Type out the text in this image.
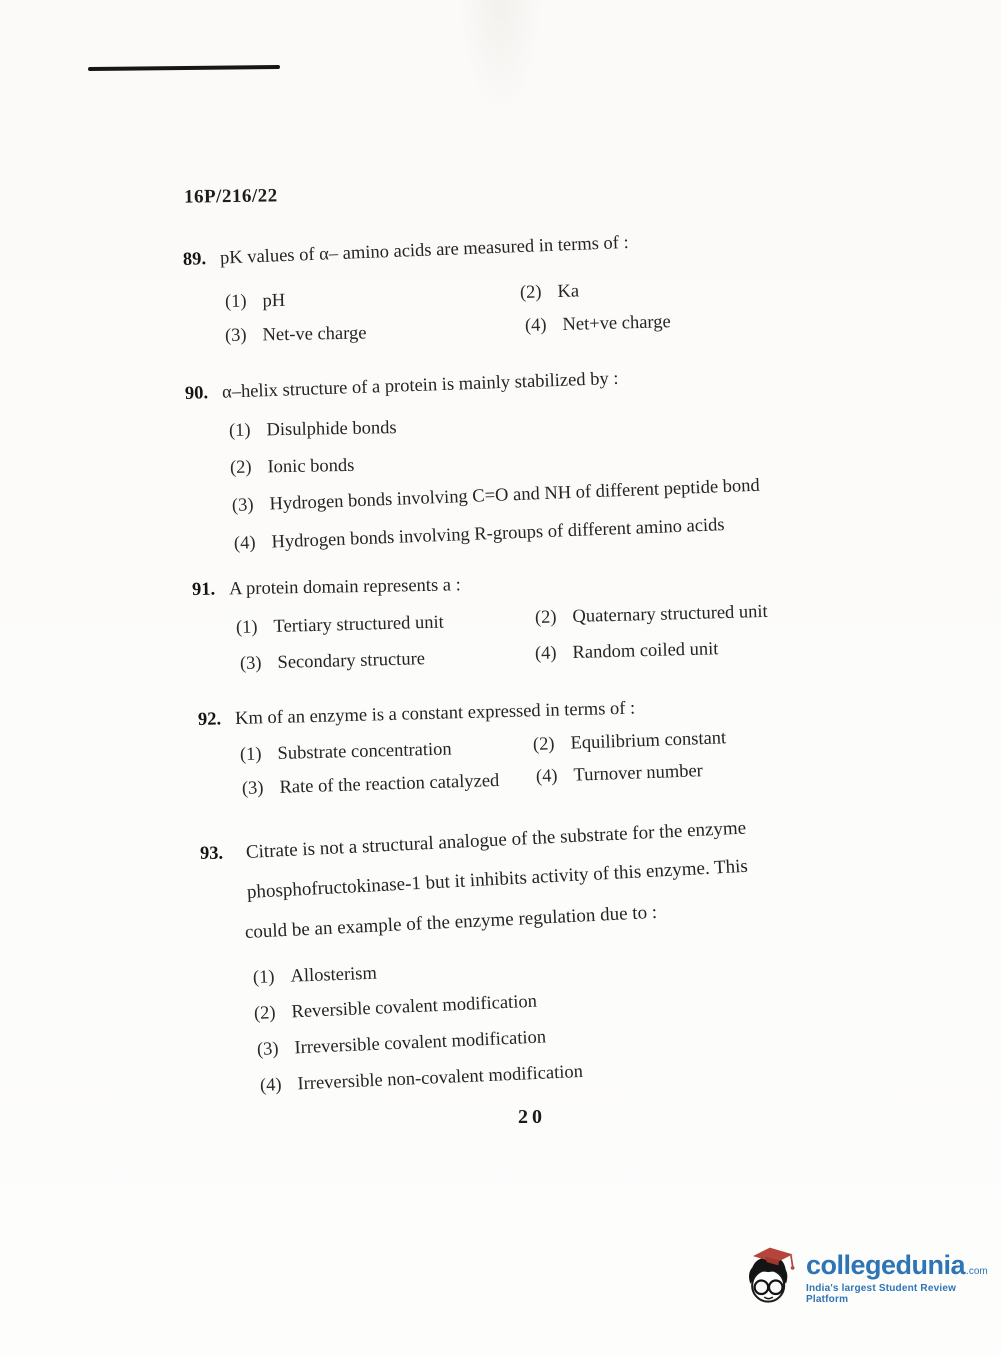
16P/216/22
89. pK values of α– amino acids are measured in terms of :
(1) pH	(2) Ka
(3) Net-ve charge	(4) Net+ve charge
90. α–helix structure of a protein is mainly stabilized by :
(1) Disulphide bonds
(2) Ionic bonds
(3) Hydrogen bonds involving C=O and NH of different peptide bond
(4) Hydrogen bonds involving R-groups of different amino acids
91. A protein domain represents a :
(1) Tertiary structured unit	(2) Quaternary structured unit
(3) Secondary structure	(4) Random coiled unit
92. Km of an enzyme is a constant expressed in terms of :
(1) Substrate concentration	(2) Equilibrium constant
(3) Rate of the reaction catalyzed (4) Turnover number
93. Citrate is not a structural analogue of the substrate for the enzyme
phosphofructokinase-1 but it inhibits activity of this enzyme. This
could be an example of the enzyme regulation due to :
(1) Allosterism
(2) Reversible covalent modification
(3) Irreversible covalent modification
(4) Irreversible non-covalent modification
20
collegedunia .com
India's largest Student Review Platform
